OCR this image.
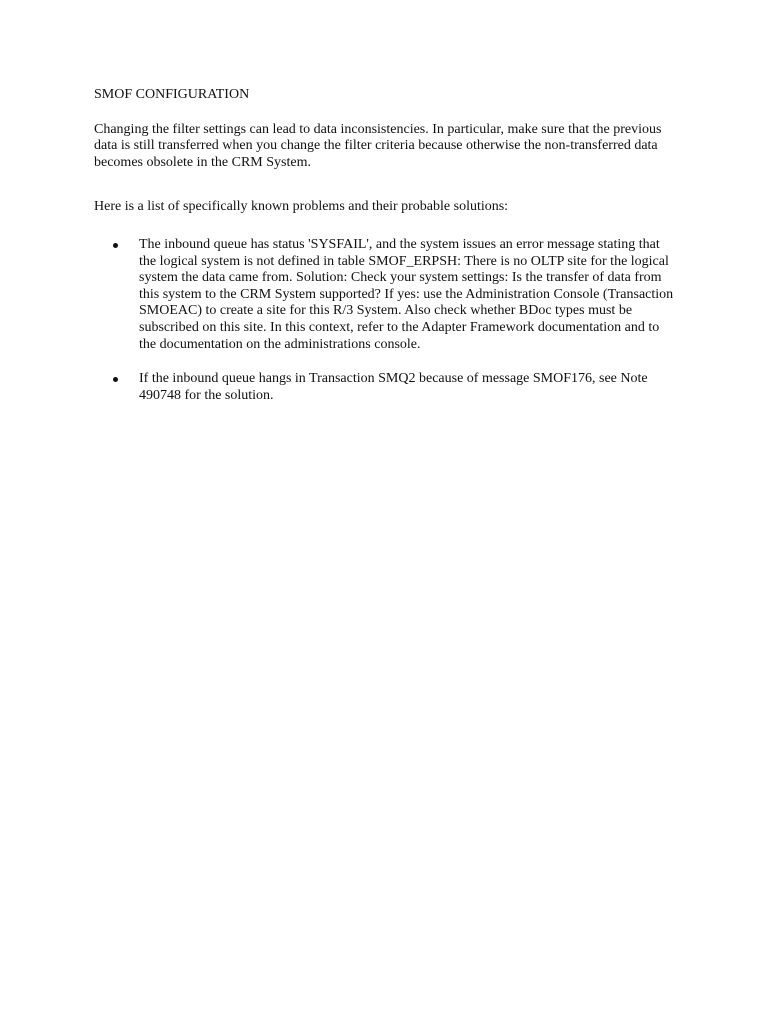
SMOF CONFIGURATION

Changing the filter settings can lead to data inconsistencies. In particular, make sure that the previous data is still transferred when you change the filter criteria because otherwise the non-transferred data becomes obsolete in the CRM System.

Here is a list of specifically known problems and their probable solutions:

The inbound queue has status 'SYSFAIL', and the system issues an error message stating that the logical system is not defined in table SMOF_ERPSH: There is no OLTP site for the logical system the data came from. Solution: Check your system settings: Is the transfer of data from this system to the CRM System supported? If yes: use the Administration Console (Transaction SMOEAC) to create a site for this R/3 System. Also check whether BDoc types must be subscribed on this site. In this context, refer to the Adapter Framework documentation and to the documentation on the administrations console.
If the inbound queue hangs in Transaction SMQ2 because of message SMOF176, see Note 490748 for the solution.
